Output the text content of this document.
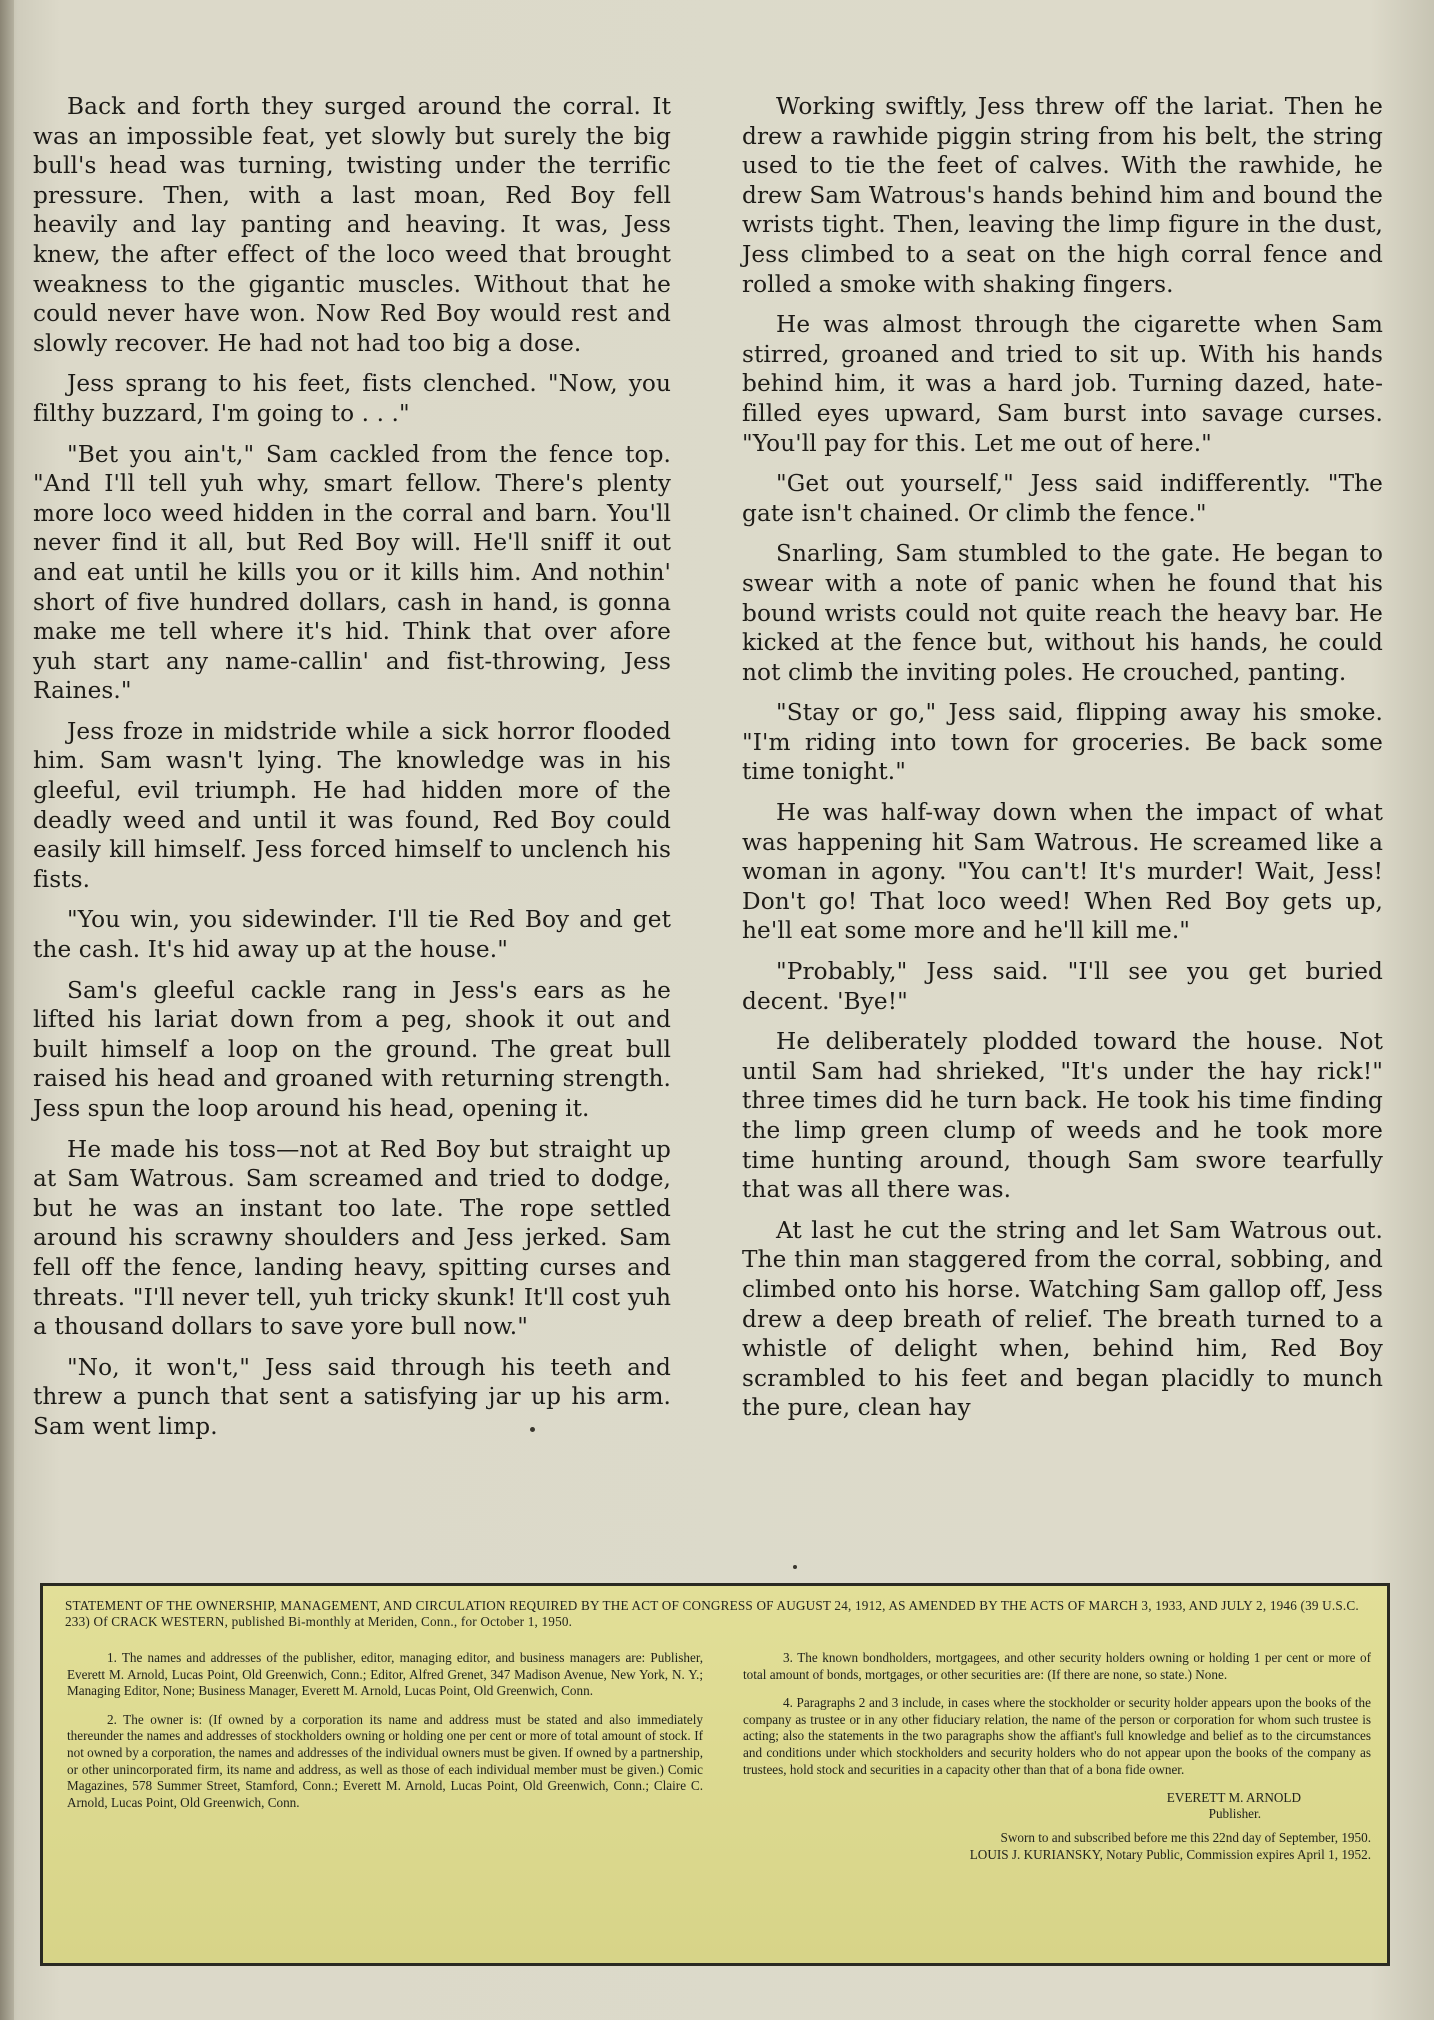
Back and forth they surged around the corral. It was an impossible feat, yet slowly but surely the big bull's head was turning, twisting under the terrific pressure. Then, with a last moan, Red Boy fell heavily and lay panting and heaving. It was, Jess knew, the after effect of the loco weed that brought weakness to the gigantic muscles. Without that he could never have won. Now Red Boy would rest and slowly recover. He had not had too big a dose.

Jess sprang to his feet, fists clenched. "Now, you filthy buzzard, I'm going to . . ."

"Bet you ain't," Sam cackled from the fence top. "And I'll tell yuh why, smart fellow. There's plenty more loco weed hidden in the corral and barn. You'll never find it all, but Red Boy will. He'll sniff it out and eat until he kills you or it kills him. And nothin' short of five hundred dollars, cash in hand, is gonna make me tell where it's hid. Think that over afore yuh start any name-callin' and fist-throwing, Jess Raines."

Jess froze in midstride while a sick horror flooded him. Sam wasn't lying. The knowledge was in his gleeful, evil triumph. He had hidden more of the deadly weed and until it was found, Red Boy could easily kill himself. Jess forced himself to unclench his fists.

"You win, you sidewinder. I'll tie Red Boy and get the cash. It's hid away up at the house."

Sam's gleeful cackle rang in Jess's ears as he lifted his lariat down from a peg, shook it out and built himself a loop on the ground. The great bull raised his head and groaned with returning strength. Jess spun the loop around his head, opening it.

He made his toss—not at Red Boy but straight up at Sam Watrous. Sam screamed and tried to dodge, but he was an instant too late. The rope settled around his scrawny shoulders and Jess jerked. Sam fell off the fence, landing heavy, spitting curses and threats. "I'll never tell, yuh tricky skunk! It'll cost yuh a thousand dollars to save yore bull now."

"No, it won't," Jess said through his teeth and threw a punch that sent a satisfying jar up his arm. Sam went limp.

Working swiftly, Jess threw off the lariat. Then he drew a rawhide piggin string from his belt, the string used to tie the feet of calves. With the rawhide, he drew Sam Watrous's hands behind him and bound the wrists tight. Then, leaving the limp figure in the dust, Jess climbed to a seat on the high corral fence and rolled a smoke with shaking fingers.

He was almost through the cigarette when Sam stirred, groaned and tried to sit up. With his hands behind him, it was a hard job. Turning dazed, hate-filled eyes upward, Sam burst into savage curses. "You'll pay for this. Let me out of here."

"Get out yourself," Jess said indifferently. "The gate isn't chained. Or climb the fence."

Snarling, Sam stumbled to the gate. He began to swear with a note of panic when he found that his bound wrists could not quite reach the heavy bar. He kicked at the fence but, without his hands, he could not climb the inviting poles. He crouched, panting.

"Stay or go," Jess said, flipping away his smoke. "I'm riding into town for groceries. Be back some time tonight."

He was half-way down when the impact of what was happening hit Sam Watrous. He screamed like a woman in agony. "You can't! It's murder! Wait, Jess! Don't go! That loco weed! When Red Boy gets up, he'll eat some more and he'll kill me."

"Probably," Jess said. "I'll see you get buried decent. 'Bye!"

He deliberately plodded toward the house. Not until Sam had shrieked, "It's under the hay rick!" three times did he turn back. He took his time finding the limp green clump of weeds and he took more time hunting around, though Sam swore tearfully that was all there was.

At last he cut the string and let Sam Watrous out. The thin man staggered from the corral, sobbing, and climbed onto his horse. Watching Sam gallop off, Jess drew a deep breath of relief. The breath turned to a whistle of delight when, behind him, Red Boy scrambled to his feet and began placidly to munch the pure, clean hay

STATEMENT OF THE OWNERSHIP, MANAGEMENT, AND CIRCULATION REQUIRED BY THE ACT OF CONGRESS OF AUGUST 24, 1912, AS AMENDED BY THE ACTS OF MARCH 3, 1933, AND JULY 2, 1946 (39 U.S.C. 233) Of CRACK WESTERN, published Bi-monthly at Meriden, Conn., for October 1, 1950.

1. The names and addresses of the publisher, editor, managing editor, and business managers are: Publisher, Everett M. Arnold, Lucas Point, Old Greenwich, Conn.; Editor, Alfred Grenet, 347 Madison Avenue, New York, N. Y.; Managing Editor, None; Business Manager, Everett M. Arnold, Lucas Point, Old Greenwich, Conn.

2. The owner is: (If owned by a corporation its name and address must be stated and also immediately thereunder the names and addresses of stockholders owning or holding one per cent or more of total amount of stock. If not owned by a corporation, the names and addresses of the individual owners must be given. If owned by a partnership, or other unincorporated firm, its name and address, as well as those of each individual member must be given.) Comic Magazines, 578 Summer Street, Stamford, Conn.; Everett M. Arnold, Lucas Point, Old Greenwich, Conn.; Claire C. Arnold, Lucas Point, Old Greenwich, Conn.

3. The known bondholders, mortgagees, and other security holders owning or holding 1 per cent or more of total amount of bonds, mortgages, or other securities are: (If there are none, so state.) None.

4. Paragraphs 2 and 3 include, in cases where the stockholder or security holder appears upon the books of the company as trustee or in any other fiduciary relation, the name of the person or corporation for whom such trustee is acting; also the statements in the two paragraphs show the affiant's full knowledge and belief as to the circumstances and conditions under which stockholders and security holders who do not appear upon the books of the company as trustees, hold stock and securities in a capacity other than that of a bona fide owner.

EVERETT M. ARNOLD
Publisher.
Sworn to and subscribed before me this 22nd day of September, 1950.
LOUIS J. KURIANSKY, Notary Public, Commission expires April 1, 1952.
